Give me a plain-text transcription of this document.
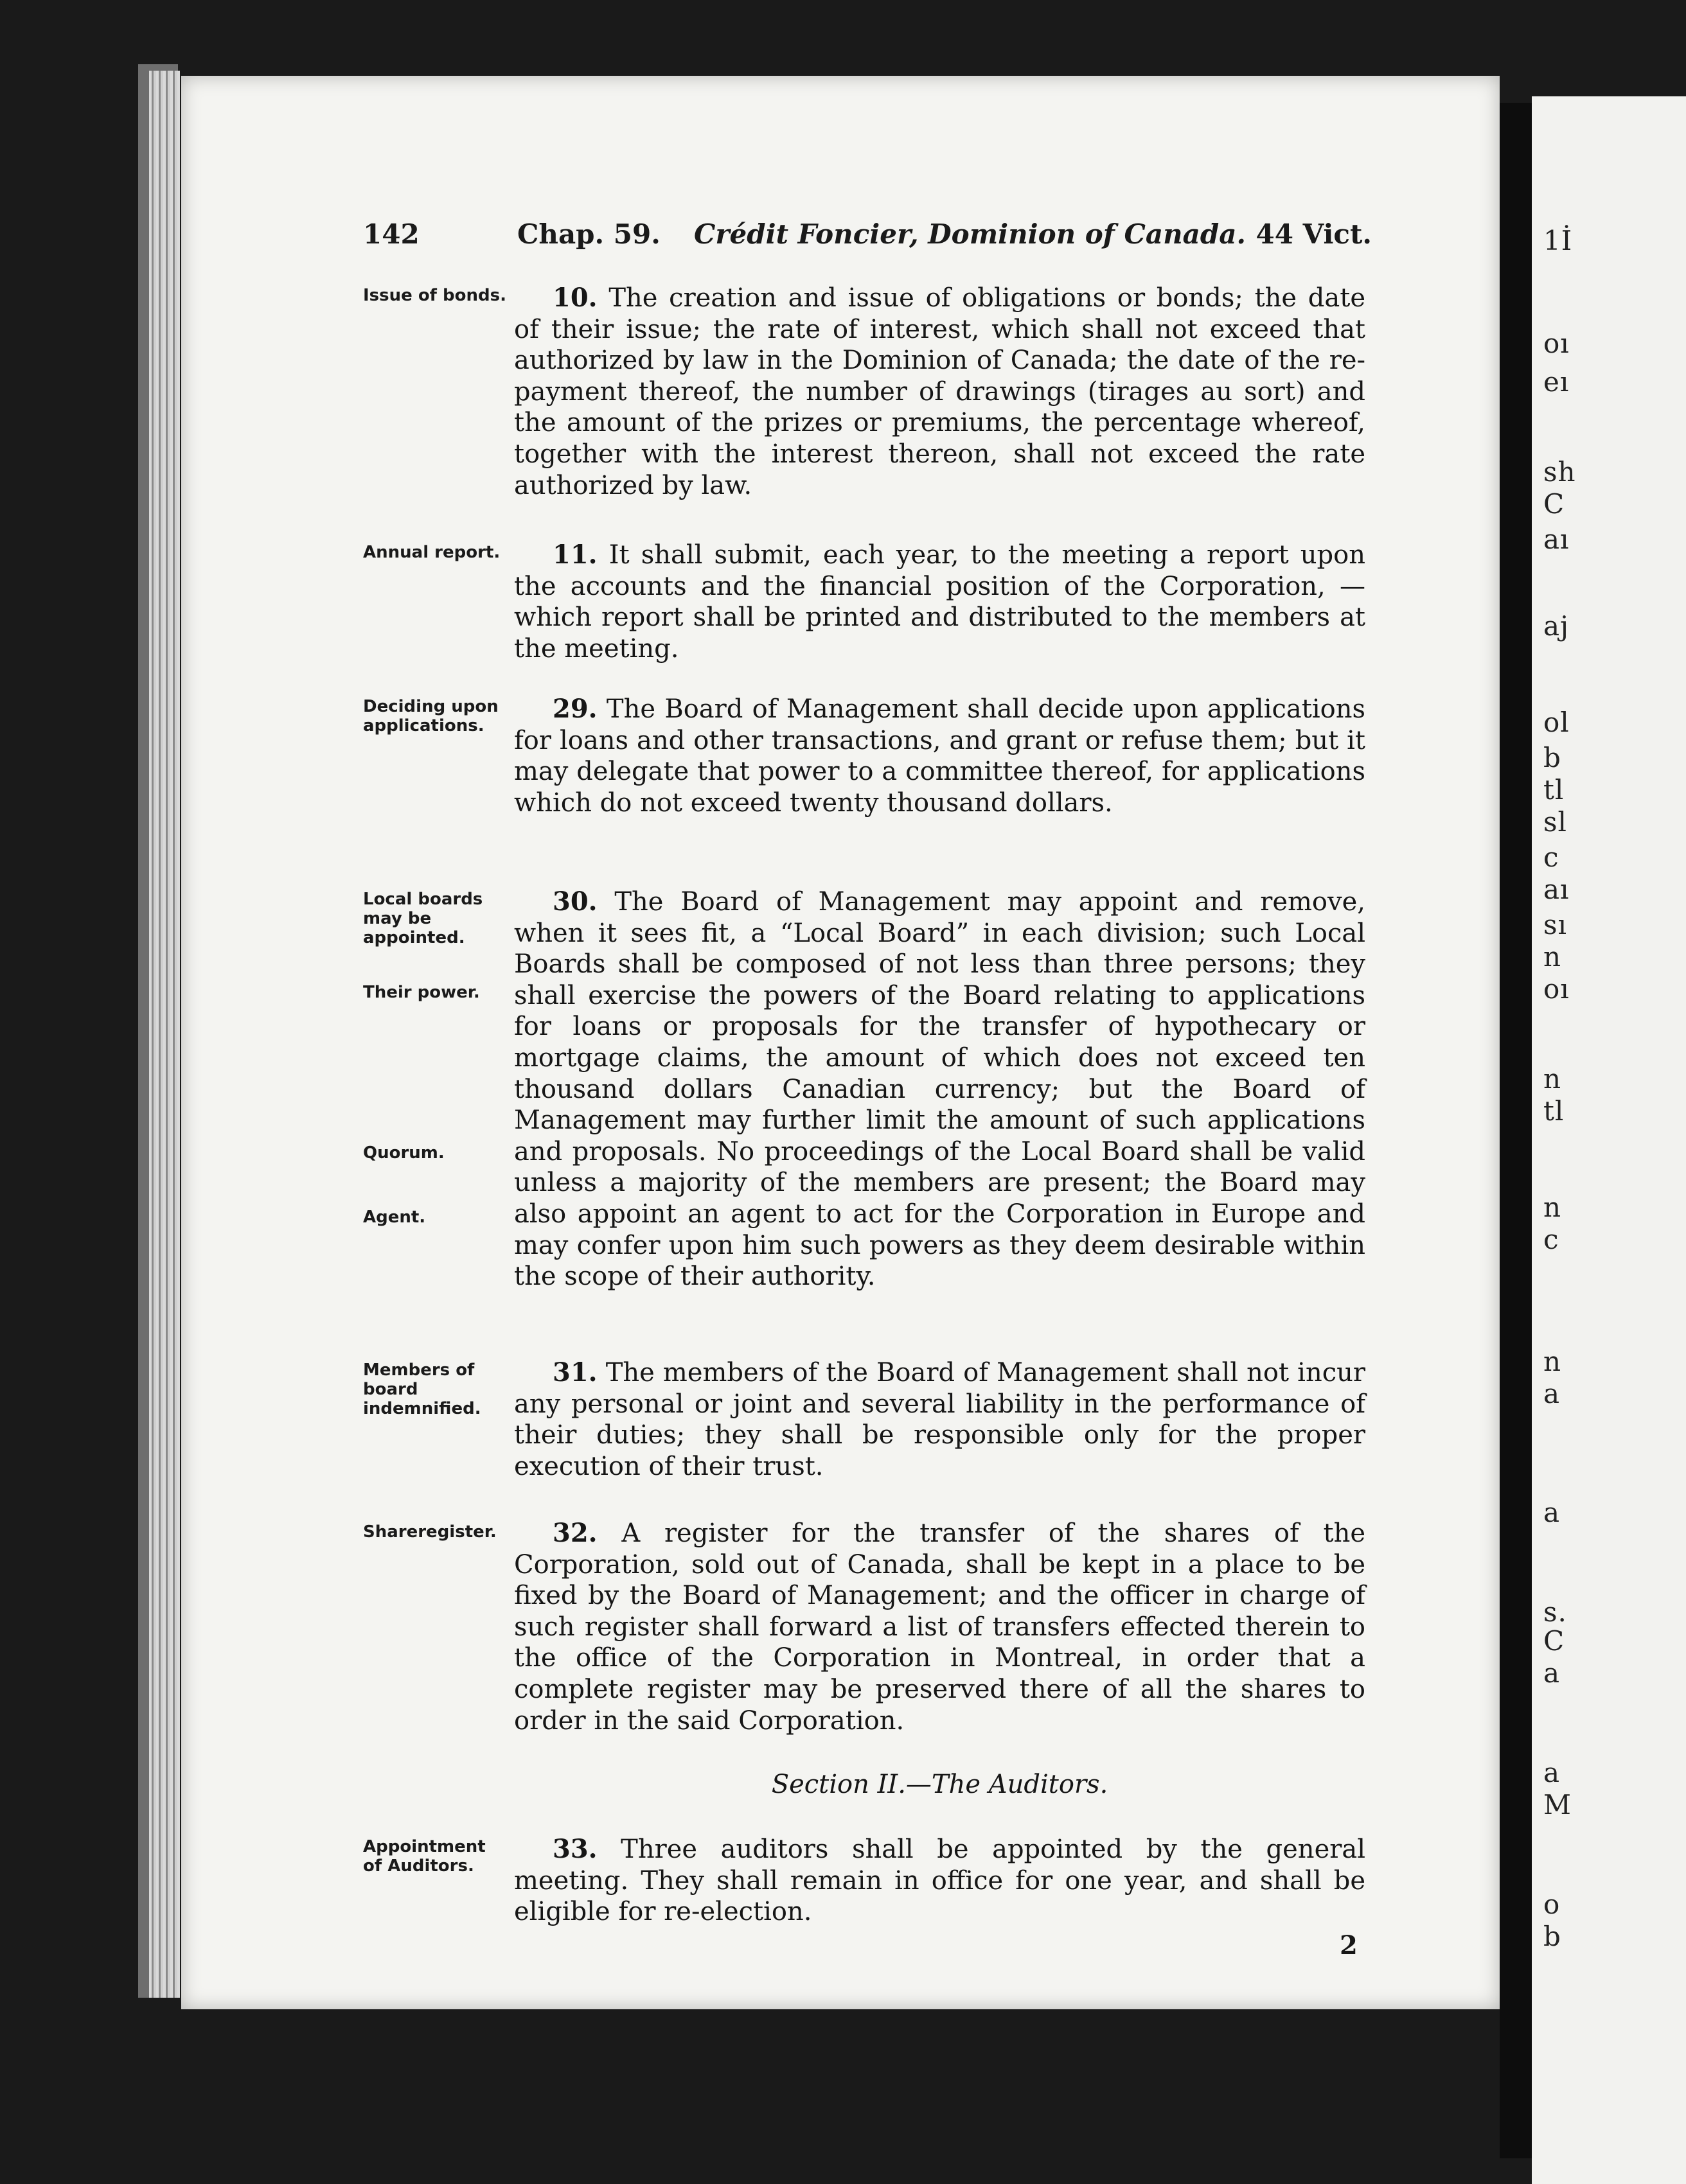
1İ
oı
eı
sh
C
aı
aj
ol
b
tl
sl
c
aı
sı
n
oı
n
tl
n
c
n
a
a
s.
C
a
a
M
o
b
142	Chap. 59. Crédit Foncier, Dominion of Canada. 44 Vict.
Issue of bonds.
Annual report.
Deciding upon applications.
Local boards may be appointed.
Their power.
Quorum.
Agent.
Members of board indemnified.
Shareregister.
Appointment of Auditors.
10. The creation and issue of obligations or bonds; the date of their issue; the rate of interest, which shall not exceed that authorized by law in the Dominion of Canada; the date of the re-payment thereof, the number of drawings (tirages au sort) and the amount of the prizes or premiums, the percentage whereof, together with the interest thereon, shall not exceed the rate authorized by law.
11. It shall submit, each year, to the meeting a report upon the accounts and the financial position of the Corporation, —which report shall be printed and distributed to the members at the meeting.
29. The Board of Management shall decide upon applications for loans and other transactions, and grant or refuse them; but it may delegate that power to a committee thereof, for applications which do not exceed twenty thousand dollars.
30. The Board of Management may appoint and remove, when it sees fit, a “Local Board” in each division; such Local Boards shall be composed of not less than three persons; they shall exercise the powers of the Board relating to applications for loans or proposals for the transfer of hypothecary or mortgage claims, the amount of which does not exceed ten thousand dollars Canadian currency; but the Board of Management may further limit the amount of such applications and proposals. No proceedings of the Local Board shall be valid unless a majority of the members are present; the Board may also appoint an agent to act for the Corporation in Europe and may confer upon him such powers as they deem desirable within the scope of their authority.
31. The members of the Board of Management shall not incur any personal or joint and several liability in the performance of their duties; they shall be responsible only for the proper execution of their trust.
32. A register for the transfer of the shares of the Corporation, sold out of Canada, shall be kept in a place to be fixed by the Board of Management; and the officer in charge of such register shall forward a list of transfers effected therein to the office of the Corporation in Montreal, in order that a complete register may be preserved there of all the shares to order in the said Corporation.
Section II.—The Auditors.
33. Three auditors shall be appointed by the general meeting. They shall remain in office for one year, and shall be eligible for re-election.
2
